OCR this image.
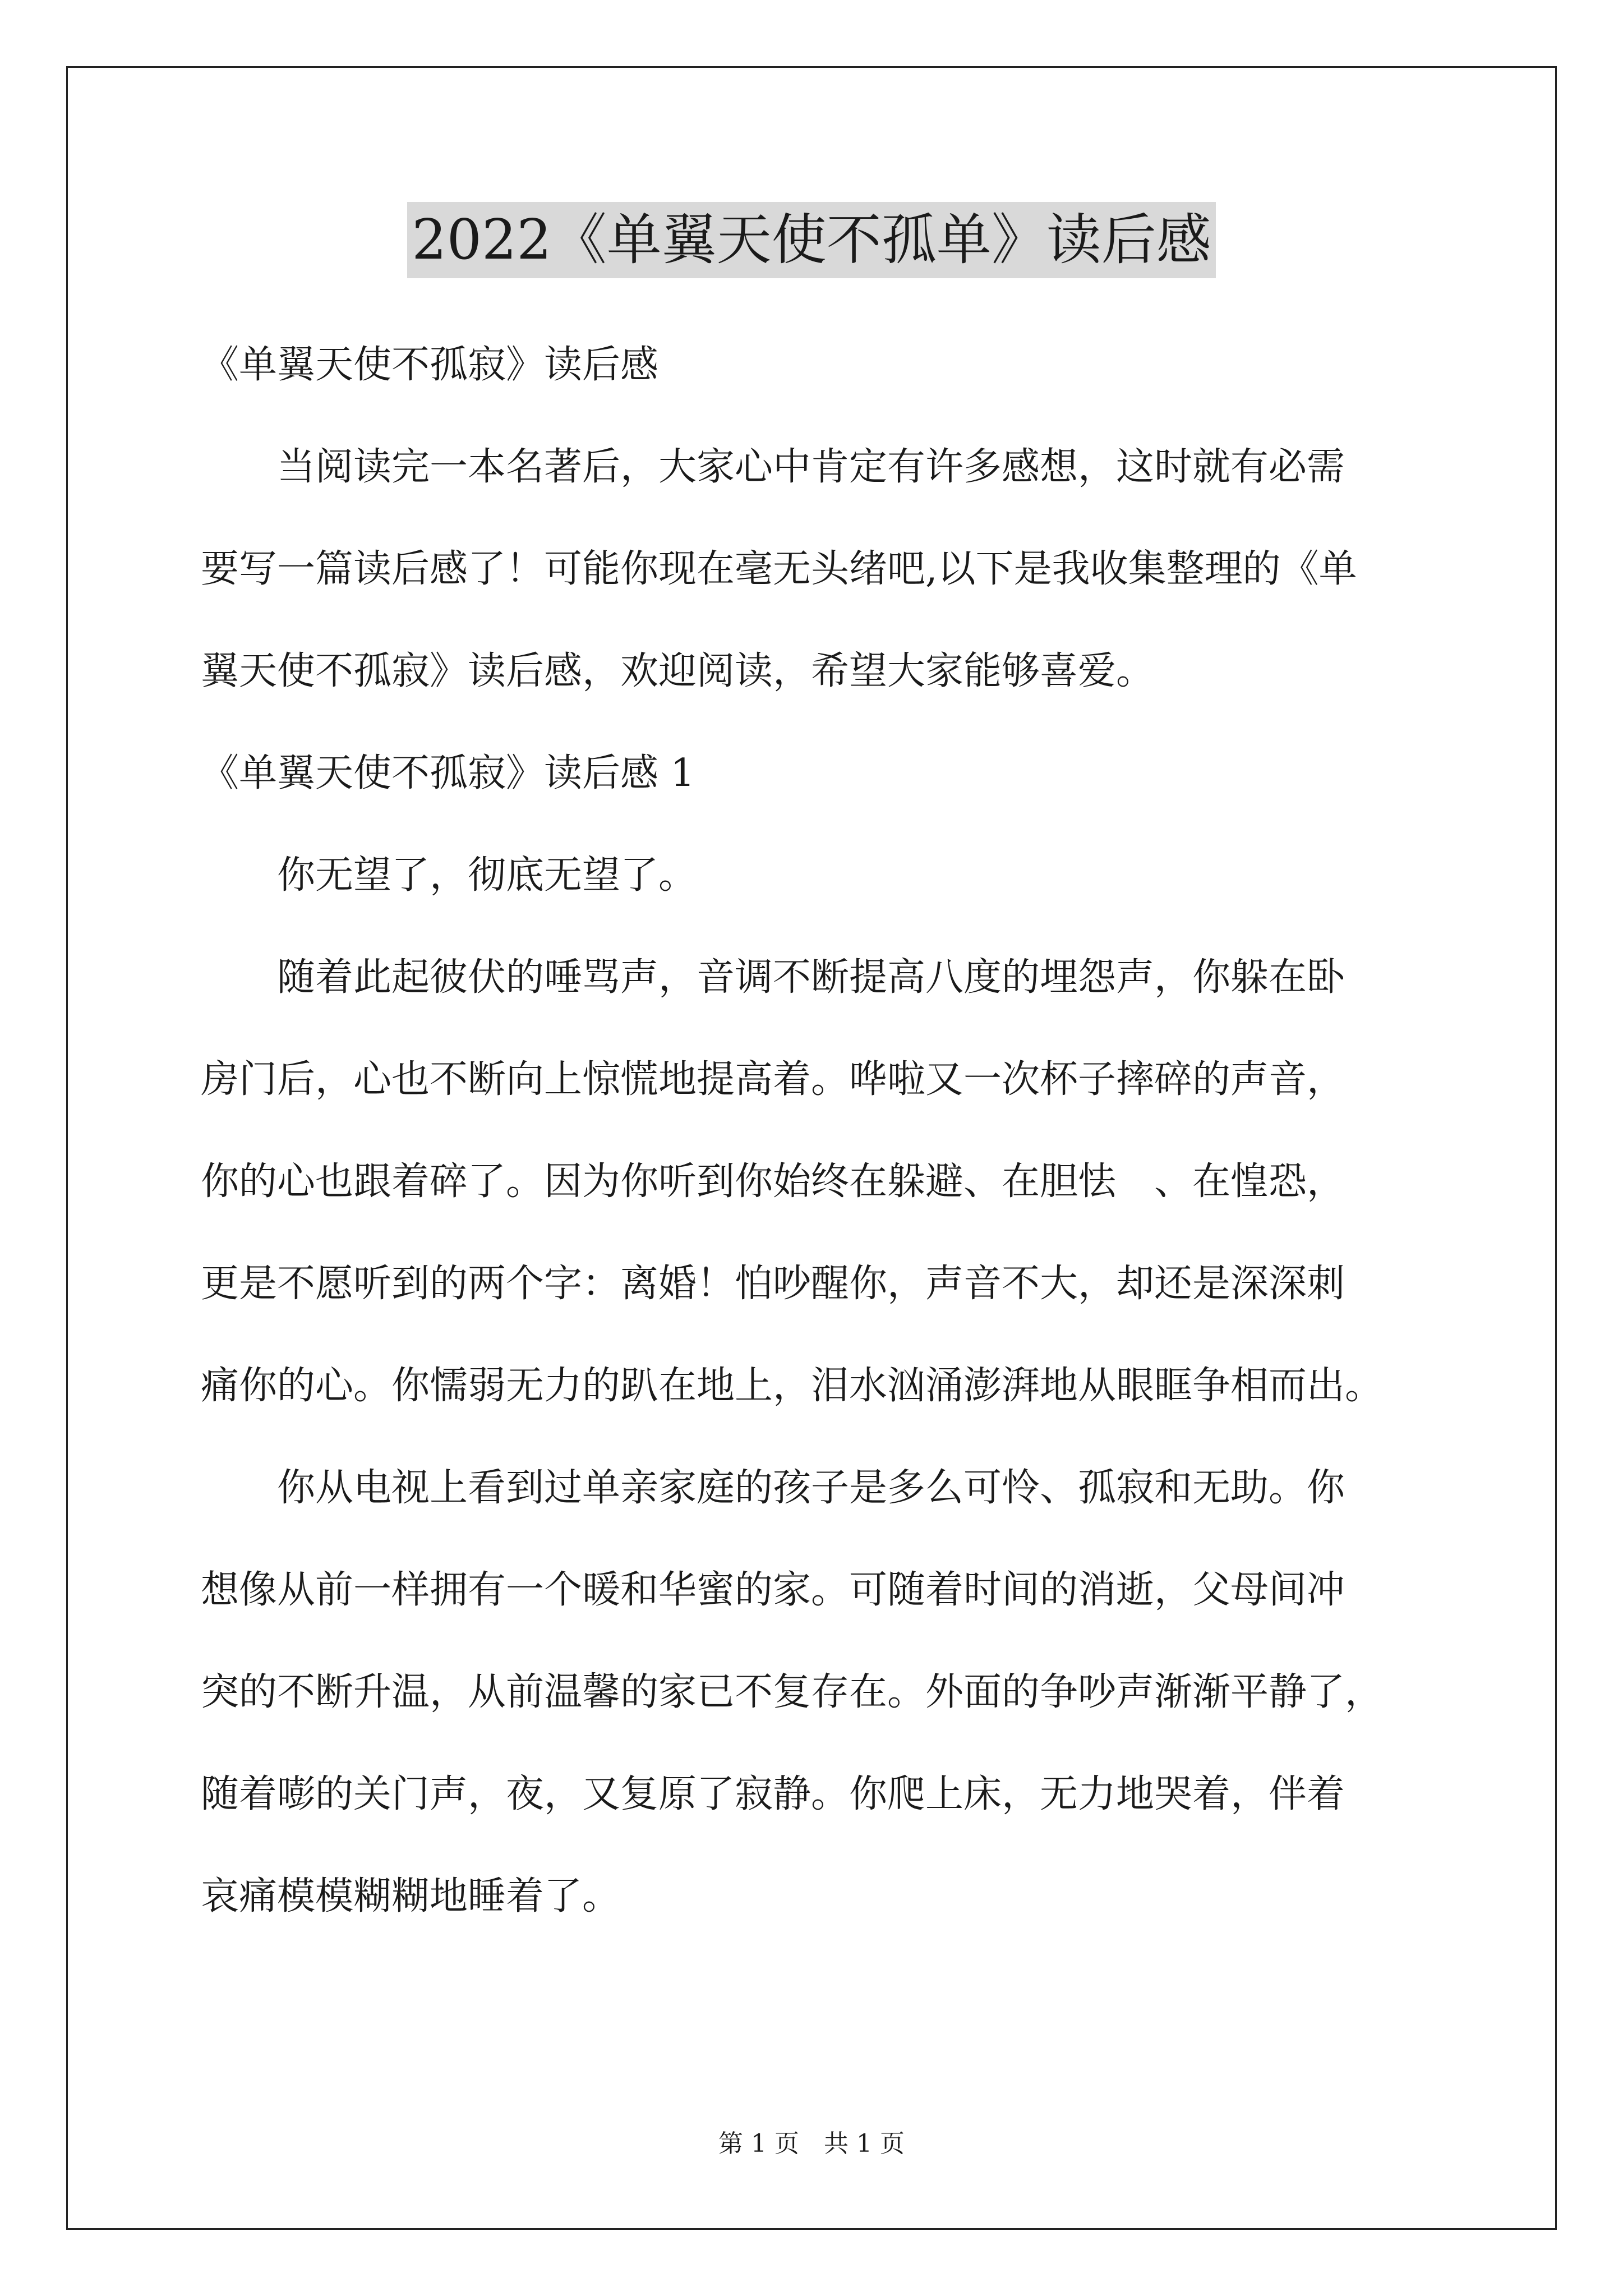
2022《单翼天使不孤单》读后感

《单翼天使不孤寂》读后感

当阅读完一本名著后，大家心中肯定有许多感想，这时就有必需

要写一篇读后感了！可能你现在毫无头绪吧,以下是我收集整理的《单

翼天使不孤寂》读后感，欢迎阅读，希望大家能够喜爱。

《单翼天使不孤寂》读后感 1

你无望了，彻底无望了。

随着此起彼伏的唾骂声，音调不断提高八度的埋怨声，你躲在卧

房门后，心也不断向上惊慌地提高着。哗啦又一次杯子摔碎的声音，

你的心也跟着碎了。因为你听到你始终在躲避、在胆怯　、在惶恐，

更是不愿听到的两个字：离婚！怕吵醒你，声音不大，却还是深深刺

痛你的心。你懦弱无力的趴在地上，泪水汹涌澎湃地从眼眶争相而出。

你从电视上看到过单亲家庭的孩子是多么可怜、孤寂和无助。你

想像从前一样拥有一个暖和华蜜的家。可随着时间的消逝，父母间冲

突的不断升温，从前温馨的家已不复存在。外面的争吵声渐渐平静了，

随着嘭的关门声，夜，又复原了寂静。你爬上床，无力地哭着，伴着

哀痛模模糊糊地睡着了。

第 1 页 共 1 页
